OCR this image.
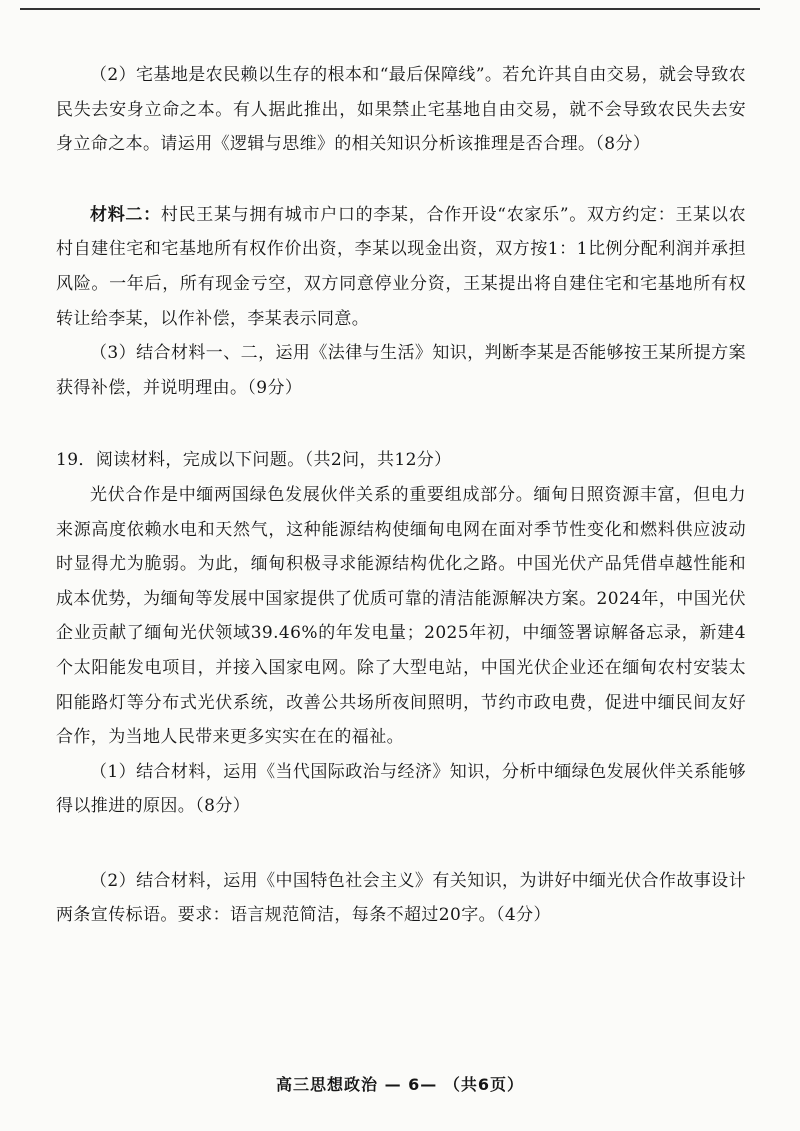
（2）宅基地是农民赖以生存的根本和“最后保障线”。若允许其自由交易，就会导致农民失去安身立命之本。有人据此推出，如果禁止宅基地自由交易，就不会导致农民失去安身立命之本。请运用《逻辑与思维》的相关知识分析该推理是否合理。（8分）

材料二：村民王某与拥有城市户口的李某，合作开设“农家乐”。双方约定：王某以农村自建住宅和宅基地所有权作价出资，李某以现金出资，双方按1：1比例分配利润并承担风险。一年后，所有现金亏空，双方同意停业分资，王某提出将自建住宅和宅基地所有权转让给李某，以作补偿，李某表示同意。

（3）结合材料一、二，运用《法律与生活》知识，判断李某是否能够按王某所提方案获得补偿，并说明理由。（9分）

19．阅读材料，完成以下问题。（共2问，共12分）

光伏合作是中缅两国绿色发展伙伴关系的重要组成部分。缅甸日照资源丰富，但电力来源高度依赖水电和天然气，这种能源结构使缅甸电网在面对季节性变化和燃料供应波动时显得尤为脆弱。为此，缅甸积极寻求能源结构优化之路。中国光伏产品凭借卓越性能和成本优势，为缅甸等发展中国家提供了优质可靠的清洁能源解决方案。2024年，中国光伏企业贡献了缅甸光伏领域39.46%的年发电量；2025年初，中缅签署谅解备忘录，新建4个太阳能发电项目，并接入国家电网。除了大型电站，中国光伏企业还在缅甸农村安装太阳能路灯等分布式光伏系统，改善公共场所夜间照明，节约市政电费，促进中缅民间友好合作，为当地人民带来更多实实在在的福祉。

（1）结合材料，运用《当代国际政治与经济》知识，分析中缅绿色发展伙伴关系能够得以推进的原因。（8分）

（2）结合材料，运用《中国特色社会主义》有关知识，为讲好中缅光伏合作故事设计两条宣传标语。要求：语言规范简洁，每条不超过20字。（4分）

高三思想政治 — 6— （共6页）
